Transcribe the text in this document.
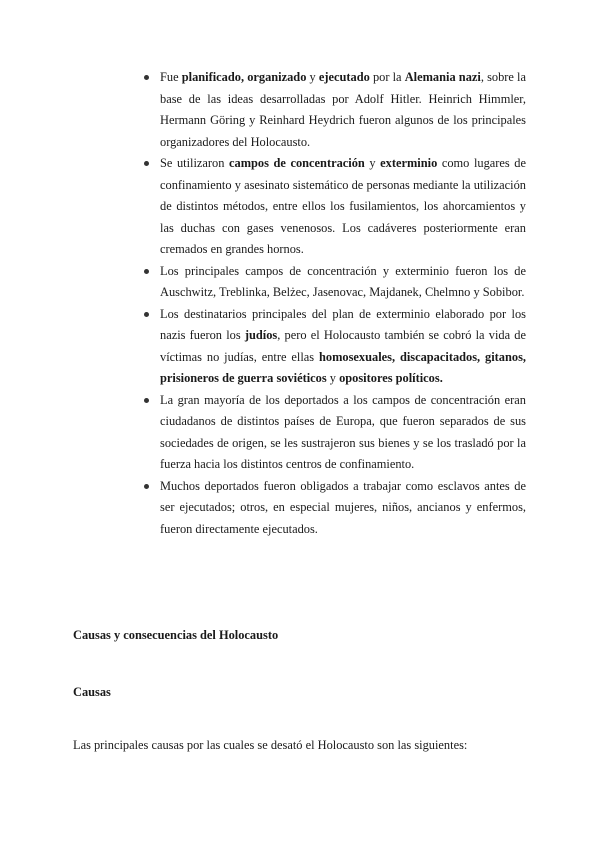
Fue planificado, organizado y ejecutado por la Alemania nazi, sobre la base de las ideas desarrolladas por Adolf Hitler. Heinrich Himmler, Hermann Göring y Reinhard Heydrich fueron algunos de los principales organizadores del Holocausto.
Se utilizaron campos de concentración y exterminio como lugares de confinamiento y asesinato sistemático de personas mediante la utilización de distintos métodos, entre ellos los fusilamientos, los ahorcamientos y las duchas con gases venenosos. Los cadáveres posteriormente eran cremados en grandes hornos.
Los principales campos de concentración y exterminio fueron los de Auschwitz, Treblinka, Belżec, Jasenovac, Majdanek, Chelmno y Sobibor.
Los destinatarios principales del plan de exterminio elaborado por los nazis fueron los judíos, pero el Holocausto también se cobró la vida de víctimas no judías, entre ellas homosexuales, discapacitados, gitanos, prisioneros de guerra soviéticos y opositores políticos.
La gran mayoría de los deportados a los campos de concentración eran ciudadanos de distintos países de Europa, que fueron separados de sus sociedades de origen, se les sustrajeron sus bienes y se los trasladó por la fuerza hacia los distintos centros de confinamiento.
Muchos deportados fueron obligados a trabajar como esclavos antes de ser ejecutados; otros, en especial mujeres, niños, ancianos y enfermos, fueron directamente ejecutados.

Causas y consecuencias del Holocausto

Causas

Las principales causas por las cuales se desató el Holocausto son las siguientes:
